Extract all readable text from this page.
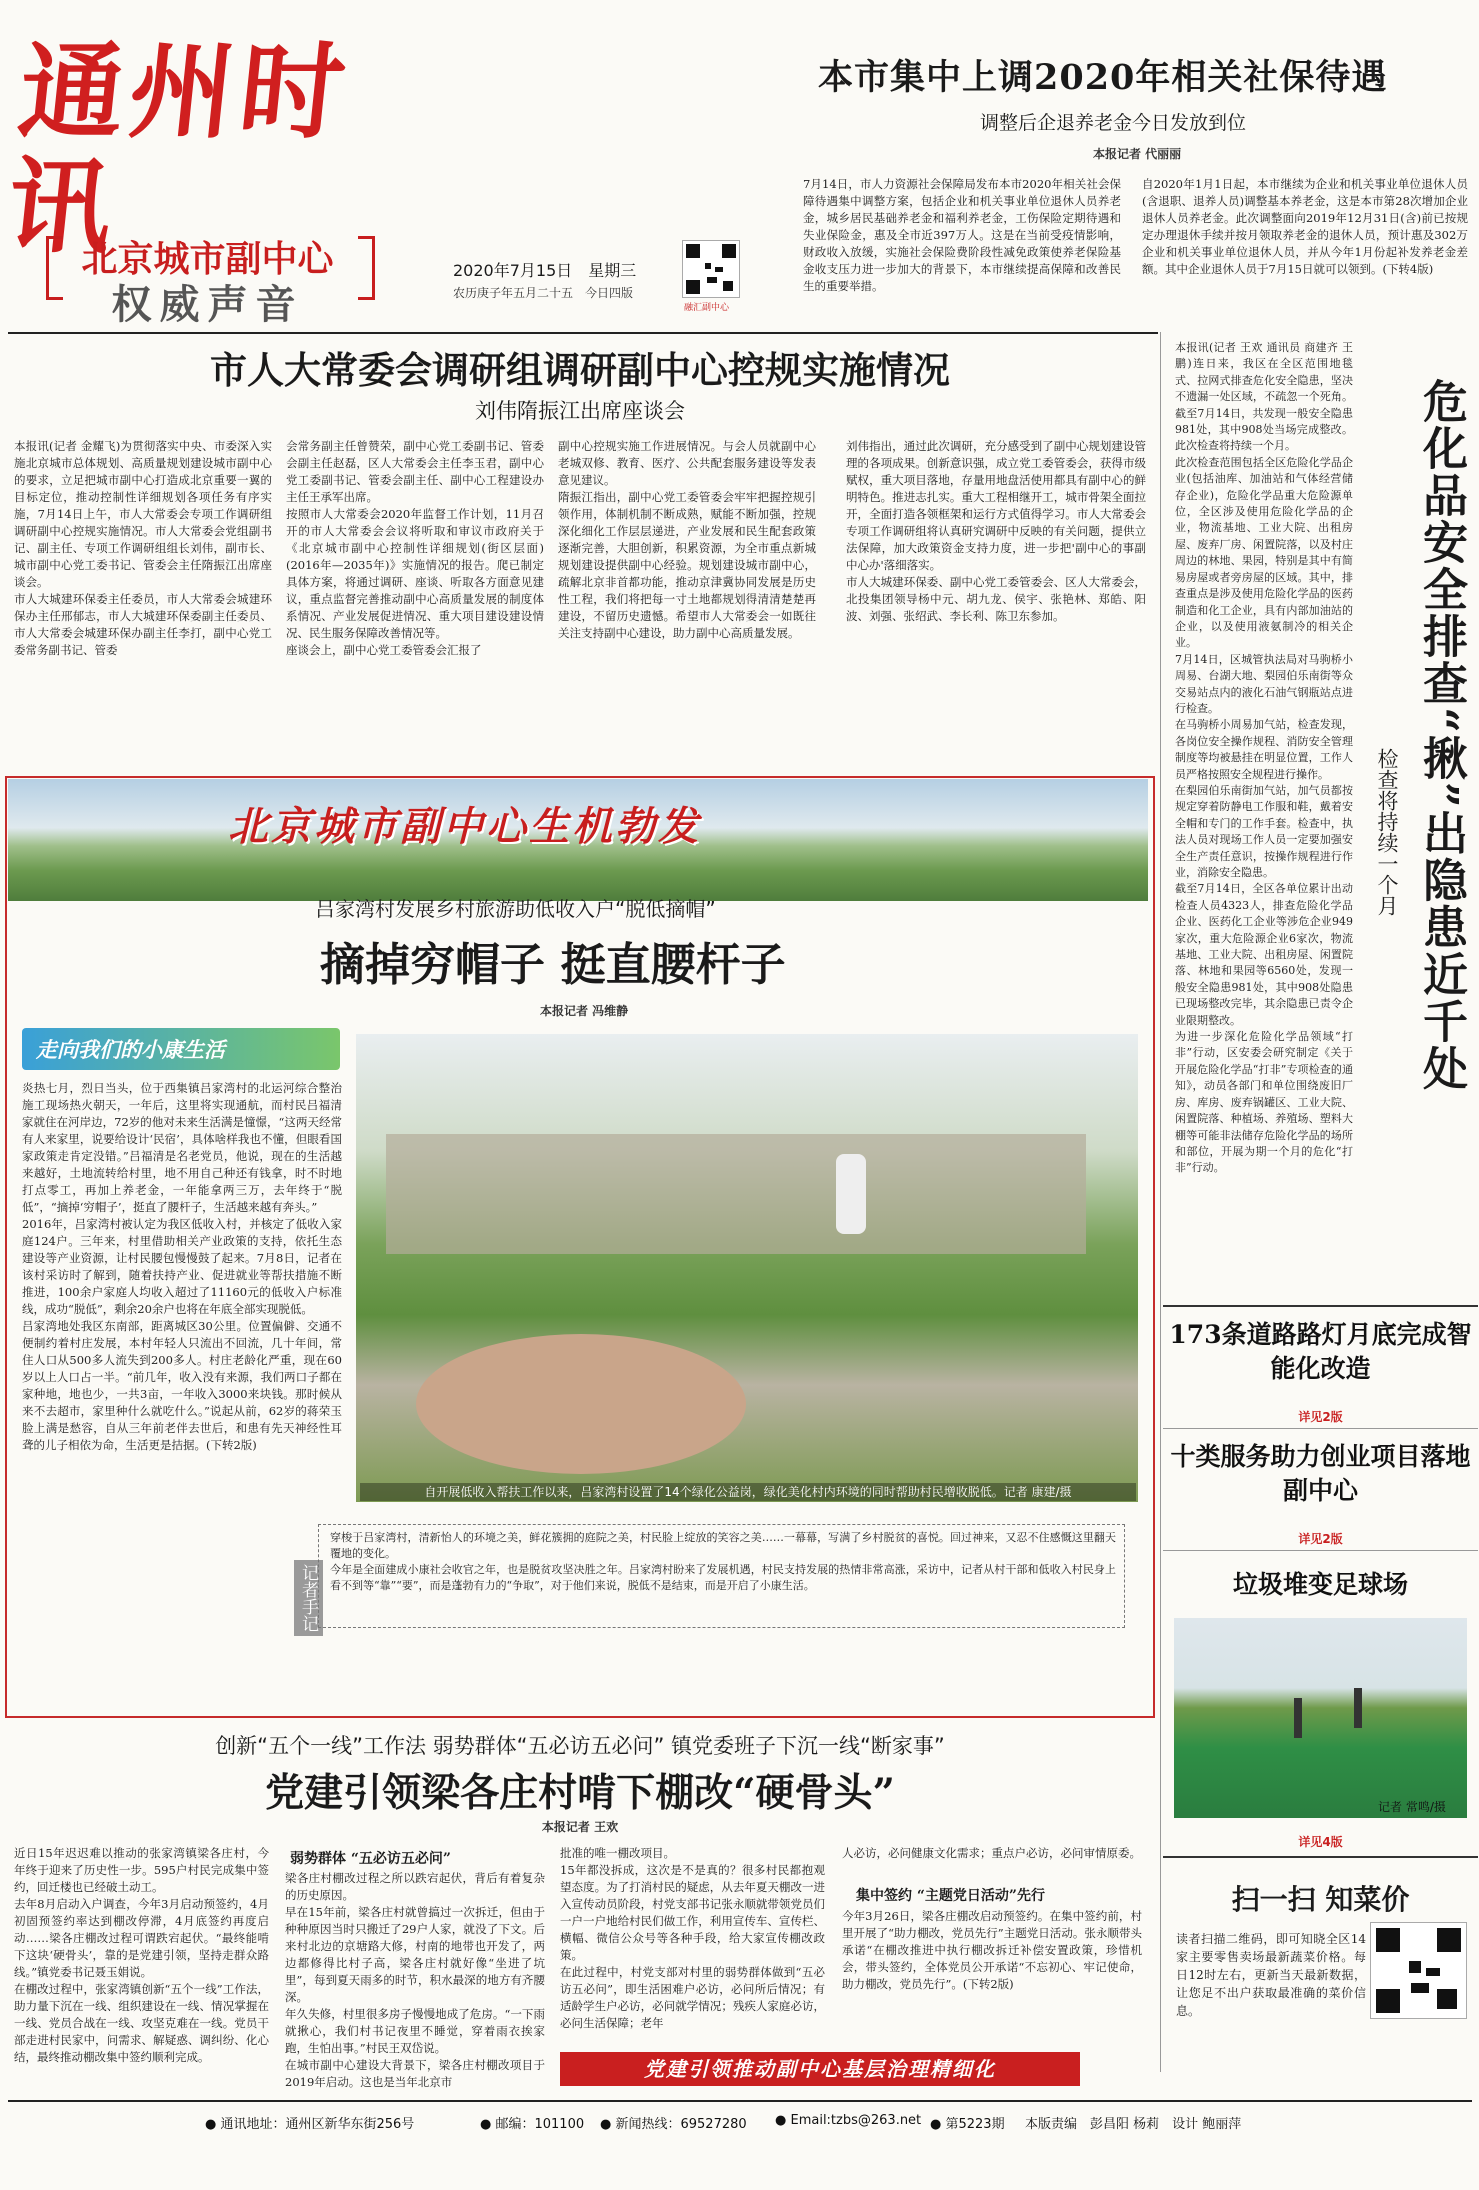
通州时讯
北京城市副中心
权威声音
2020年7月15日　星期三
农历庚子年五月二十五　今日四版
融汇副中心
本市集中上调2020年相关社保待遇
调整后企退养老金今日发放到位
本报记者 代丽丽
7月14日，市人力资源社会保障局发布本市2020年相关社会保障待遇集中调整方案，包括企业和机关事业单位退休人员养老金，城乡居民基础养老金和福利养老金，工伤保险定期待遇和失业保险金，惠及全市近397万人。这是在当前受疫情影响，财政收入放缓，实施社会保险费阶段性减免政策使养老保险基金收支压力进一步加大的背景下，本市继续提高保障和改善民生的重要举措。
自2020年1月1日起，本市继续为企业和机关事业单位退休人员(含退职、退养人员)调整基本养老金，这是本市第28次增加企业退休人员养老金。此次调整面向2019年12月31日(含)前已按规定办理退休手续并按月领取养老金的退休人员，预计惠及302万企业和机关事业单位退休人员，并从今年1月份起补发养老金差额。其中企业退休人员于7月15日就可以领到。(下转4版)
市人大常委会调研组调研副中心控规实施情况
刘伟隋振江出席座谈会
本报讯(记者 金耀飞)为贯彻落实中央、市委深入实施北京城市总体规划、高质量规划建设城市副中心的要求，立足把城市副中心打造成北京重要一翼的目标定位，推动控制性详细规划各项任务有序实施，7月14日上午，市人大常委会专项工作调研组调研副中心控规实施情况。市人大常委会党组副书记、副主任、专项工作调研组组长刘伟，副市长、城市副中心党工委书记、管委会主任隋振江出席座谈会。
市人大城建环保委主任委员，市人大常委会城建环保办主任邢郁志，市人大城建环保委副主任委员、市人大常委会城建环保办副主任李打，副中心党工委常务副书记、管委
会常务副主任曾赞荣，副中心党工委副书记、管委会副主任赵磊，区人大常委会主任李玉君，副中心党工委副书记、管委会副主任、副中心工程建设办主任王承军出席。
按照市人大常委会2020年监督工作计划，11月召开的市人大常委会会议将听取和审议市政府关于《北京城市副中心控制性详细规划(街区层面)(2016年—2035年)》实施情况的报告。爬已制定具体方案，将通过调研、座谈、听取各方面意见建议，重点监督完善推动副中心高质量发展的制度体系情况、产业发展促进情况、重大项目建设建设情况、民生服务保障改善情况等。
座谈会上，副中心党工委管委会汇报了
副中心控规实施工作进展情况。与会人员就副中心老城双修、教育、医疗、公共配套服务建设等发表意见建议。
隋振江指出，副中心党工委管委会牢牢把握控规引领作用，体制机制不断成熟，赋能不断加强，控规深化细化工作层层递进，产业发展和民生配套政策逐渐完善，大胆创新，积累资源，为全市重点新城规划建设提供副中心经验。规划建设城市副中心，疏解北京非首都功能，推动京津冀协同发展是历史性工程，我们将把每一寸土地都规划得清清楚楚再建设，不留历史遗憾。希望市人大常委会一如既往关注支持副中心建设，助力副中心高质量发展。
刘伟指出，通过此次调研，充分感受到了副中心规划建设管理的各项成果。创新意识强，成立党工委管委会，获得市级赋权，重大项目落地，存量用地盘活使用都具有副中心的鲜明特色。推进志扎实。重大工程相继开工，城市骨架全面拉开，全面打造各领框架和运行方式值得学习。市人大常委会专项工作调研组将认真研究调研中反映的有关问题，提供立法保障，加大政策资金支持力度，进一步把'副中心的事副中心办'落细落实。
市人大城建环保委、副中心党工委管委会、区人大常委会，北投集团领导杨中元、胡九龙、侯宇、张艳林、郑皓、阳波、刘强、张绍武、李长利、陈卫东参加。
北京城市副中心生机勃发
吕家湾村发展乡村旅游助低收入户“脱低摘帽”
摘掉穷帽子 挺直腰杆子
本报记者 冯维静
走向我们的小康生活
炎热七月，烈日当头，位于西集镇吕家湾村的北运河综合整治施工现场热火朝天，一年后，这里将实现通航，而村民吕福清家就住在河岸边，72岁的他对未来生活满是憧憬，“这两天经常有人来家里，说要给设计‘民宿’，具体啥样我也不懂，但眼看国家政策走肯定没错。”吕福清是名老党员，他说，现在的生活越来越好，土地流转给村里，地不用自己种还有钱拿，时不时地打点零工，再加上养老金，一年能拿两三万，去年终于“脱低”，“摘掉‘穷帽子’，挺直了腰杆子，生活越来越有奔头。”
2016年，吕家湾村被认定为我区低收入村，并核定了低收入家庭124户。三年来，村里借助相关产业政策的支持，依托生态建设等产业资源，让村民腰包慢慢鼓了起来。7月8日，记者在该村采访时了解到，随着扶持产业、促进就业等帮扶措施不断推进，100余户家庭人均收入超过了11160元的低收入户标准线，成功“脱低”，剩余20余户也将在年底全部实现脱低。
吕家湾地处我区东南部，距离城区30公里。位置偏僻、交通不便制约着村庄发展，本村年轻人只流出不回流，几十年间，常住人口从500多人流失到200多人。村庄老龄化严重，现在60岁以上人口占一半。“前几年，收入没有来源，我们两口子都在家种地，地也少，一共3亩，一年收入3000来块钱。那时候从来不去超市，家里种什么就吃什么。”说起从前，62岁的蒋荣玉脸上满是愁容，自从三年前老伴去世后，和患有先天神经性耳聋的儿子相依为命，生活更是拮据。(下转2版)
自开展低收入帮扶工作以来，吕家湾村设置了14个绿化公益岗，绿化美化村内环境的同时帮助村民增收脱低。记者 康建/摄
记者手记
穿梭于吕家湾村，清新怡人的环境之美，鲜花簇拥的庭院之美，村民脸上绽放的笑容之美……一幕幕，写满了乡村脱贫的喜悦。回过神来，又忍不住感慨这里翻天覆地的变化。
今年是全面建成小康社会收官之年，也是脱贫攻坚决胜之年。吕家湾村盼来了发展机遇，村民支持发展的热情非常高涨，采访中，记者从村干部和低收入村民身上看不到等“靠”“要”，而是蓬勃有力的“争取”，对于他们来说，脱低不是结束，而是开启了小康生活。
创新“五个一线”工作法 弱势群体“五必访五必问” 镇党委班子下沉一线“断家事”
党建引领梁各庄村啃下棚改“硬骨头”
本报记者 王欢
近日15年迟迟难以推动的张家湾镇梁各庄村，今年终于迎来了历史性一步。595户村民完成集中签约，回迁楼也已经破土动工。
去年8月启动入户调查，今年3月启动预签约，4月初固预签约率达到棚改停滞，4月底签约再度启动……梁各庄棚改过程可谓跌宕起伏。“最终能啃下这块‘硬骨头’，靠的是党建引领，坚持走群众路线。”镇党委书记聂玉娟说。
在棚改过程中，张家湾镇创新“五个一线”工作法，助力量下沉在一线、组织建设在一线、情况掌握在一线、党员合战在一线、攻坚克难在一线。党员干部走进村民家中，问需求、解疑惑、调纠纷、化心结，最终推动棚改集中签约顺利完成。
弱势群体 “五必访五必问”
梁各庄村棚改过程之所以跌宕起伏，背后有着复杂的历史原因。
早在15年前，梁各庄村就曾搞过一次拆迁，但由于种种原因当时只搬迁了29户人家，就没了下文。后来村北边的京塘路大修，村南的地带也开发了，两边都修得比村子高，梁各庄村就好像“坐进了坑里”，每到夏天雨多的时节，积水最深的地方有齐腰深。
年久失修，村里很多房子慢慢地成了危房。“一下雨就揪心，我们村书记夜里不睡觉，穿着雨衣挨家跑，生怕出事。”村民王双岱说。
在城市副中心建设大背景下，梁各庄村棚改项目于2019年启动。这也是当年北京市
批准的唯一棚改项目。
15年都没拆成，这次是不是真的？很多村民都抱观望态度。为了打消村民的疑虑，从去年夏天棚改一进入宣传动员阶段，村党支部书记张永顺就带领党员们一户一户地给村民们做工作，利用宣传车、宣传栏、横幅、微信公众号等各种手段，给大家宣传棚改政策。
在此过程中，村党支部对村里的弱势群体做到“五必访五必问”，即生活困难户必访，必问所后情况；有适龄学生户必访，必问就学情况；残疾人家庭必访，必问生活保障；老年
人必访，必问健康文化需求；重点户必访，必问审情原委。
集中签约 “主题党日活动”先行
今年3月26日，梁各庄棚改启动预签约。在集中签约前，村里开展了“助力棚改，党员先行”主题党日活动。张永顺带头承诺“在棚改推进中执行棚改拆迁补偿安置政策，珍惜机会，带头签约，全体党员公开承诺“不忘初心、牢记使命，助力棚改，党员先行”。(下转2版)
党建引领推动副中心基层治理精细化
本报讯(记者 王欢 通讯员 商建齐 王鹏)连日来，我区在全区范围地毯式、拉网式排查危化安全隐患，坚决不遗漏一处区域，不疏忽一个死角。截至7月14日，共发现一般安全隐患981处，其中908处当场完成整改。此次检查将持续一个月。
此次检查范围包括全区危险化学品企业(包括油库、加油站和气体经营储存企业)，危险化学品重大危险源单位，全区涉及使用危险化学品的企业，物流基地、工业大院、出租房屋、废弃厂房、闲置院落，以及村庄周边的林地、果园，特别是其中有简易房屋或者旁房屋的区域。其中，排查重点是涉及使用危险化学品的医药制造和化工企业，具有内部加油站的企业，以及使用液氨制冷的相关企业。
7月14日，区城管执法局对马驹桥小周易、台湖大地、梨园伯乐南街等众交易站点内的液化石油气钢瓶站点进行检查。
在马驹桥小周易加气站，检查发现，各岗位安全操作规程、消防安全管理制度等均被悬挂在明显位置，工作人员严格按照安全规程进行操作。
在梨园伯乐南街加气站，加气员都按规定穿着防静电工作服和鞋，戴着安全帽和专门的工作手套。检查中，执法人员对现场工作人员一定要加强安全生产责任意识，按操作规程进行作业，消除安全隐患。
截至7月14日，全区各单位累计出动检查人员4323人，排查危险化学品企业、医药化工企业等涉危企业949家次，重大危险源企业6家次，物流基地、工业大院、出租房屋、闲置院落、林地和果园等6560处，发现一般安全隐患981处，其中908处隐患已现场整改完毕，其余隐患已责令企业限期整改。
为进一步深化危险化学品领域“打非”行动，区安委会研究制定《关于开展危险化学品“打非”专项检查的通知》，动员各部门和单位围绕废旧厂房、库房、废弃锅罐区、工业大院、闲置院落、种植场、养殖场、塑料大棚等可能非法储存危险化学品的场所和部位，开展为期一个月的危化“打非”行动。
危化品安全排查“揪”出隐患近千处
检查将持续一个月
173条道路路灯月底完成智能化改造
详见2版
十类服务助力创业项目落地副中心
详见2版
垃圾堆变足球场
记者 常鸣/摄
详见4版
扫一扫 知菜价
读者扫描二维码，即可知晓全区14家主要零售卖场最新蔬菜价格。每日12时左右，更新当天最新数据，让您足不出户获取最准确的菜价信息。
● 通讯地址：通州区新华东街256号	● 邮编：101100 ● 新闻热线：69527280 ● Email:tzbs@263.net ● 第5223期 本版责编　彭昌阳 杨莉　设计 鲍丽萍
